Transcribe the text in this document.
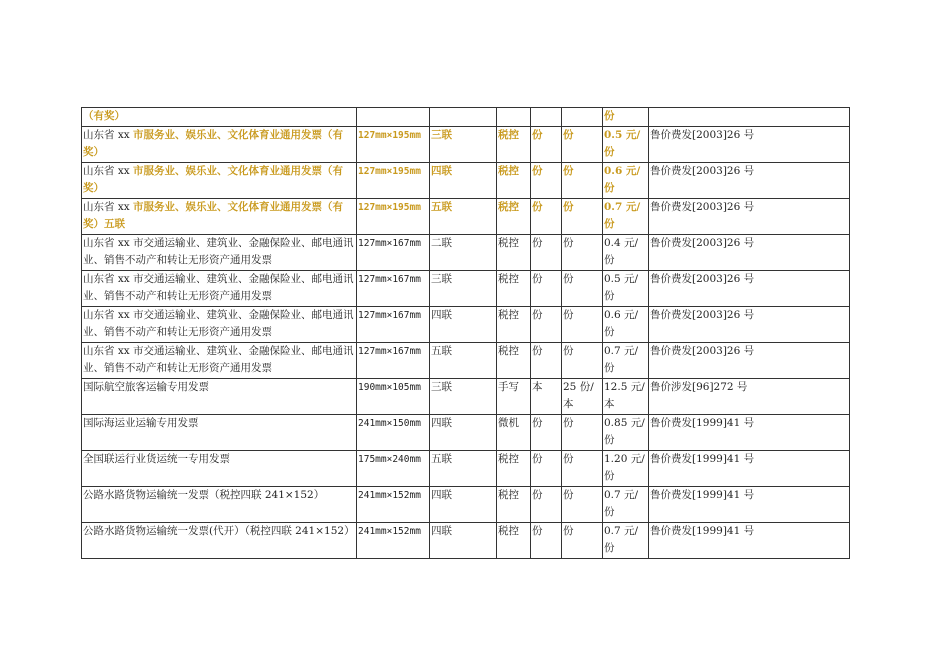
（有奖）						份	
山东省 xx 市服务业、娱乐业、文化体育业通用发票（有奖）	127mm×195mm	三联	税控	份	份	0.5 元/份	鲁价费发[2003]26 号
山东省 xx 市服务业、娱乐业、文化体育业通用发票（有奖）	127mm×195mm	四联	税控	份	份	0.6 元/份	鲁价费发[2003]26 号
山东省 xx 市服务业、娱乐业、文化体育业通用发票（有奖）五联	127mm×195mm	五联	税控	份	份	0.7 元/份	鲁价费发[2003]26 号
山东省 xx 市交通运输业、建筑业、金融保险业、邮电通讯业、销售不动产和转让无形资产通用发票	127mm×167mm	二联	税控	份	份	0.4 元/份	鲁价费发[2003]26 号
山东省 xx 市交通运输业、建筑业、金融保险业、邮电通讯业、销售不动产和转让无形资产通用发票	127mm×167mm	三联	税控	份	份	0.5 元/份	鲁价费发[2003]26 号
山东省 xx 市交通运输业、建筑业、金融保险业、邮电通讯业、销售不动产和转让无形资产通用发票	127mm×167mm	四联	税控	份	份	0.6 元/份	鲁价费发[2003]26 号
山东省 xx 市交通运输业、建筑业、金融保险业、邮电通讯业、销售不动产和转让无形资产通用发票	127mm×167mm	五联	税控	份	份	0.7 元/份	鲁价费发[2003]26 号
国际航空旅客运输专用发票	190mm×105mm	三联	手写	本	25 份/本	12.5 元/本	鲁价涉发[96]272 号
国际海运业运输专用发票	241mm×150mm	四联	微机	份	份	0.85 元/份	鲁价费发[1999]41 号
全国联运行业货运统一专用发票	175mm×240mm	五联	税控	份	份	1.20 元/份	鲁价费发[1999]41 号
公路水路货物运输统一发票（税控四联 241×152）	241mm×152mm	四联	税控	份	份	0.7 元/份	鲁价费发[1999]41 号
公路水路货物运输统一发票(代开）（税控四联 241×152）	241mm×152mm	四联	税控	份	份	0.7 元/份	鲁价费发[1999]41 号
